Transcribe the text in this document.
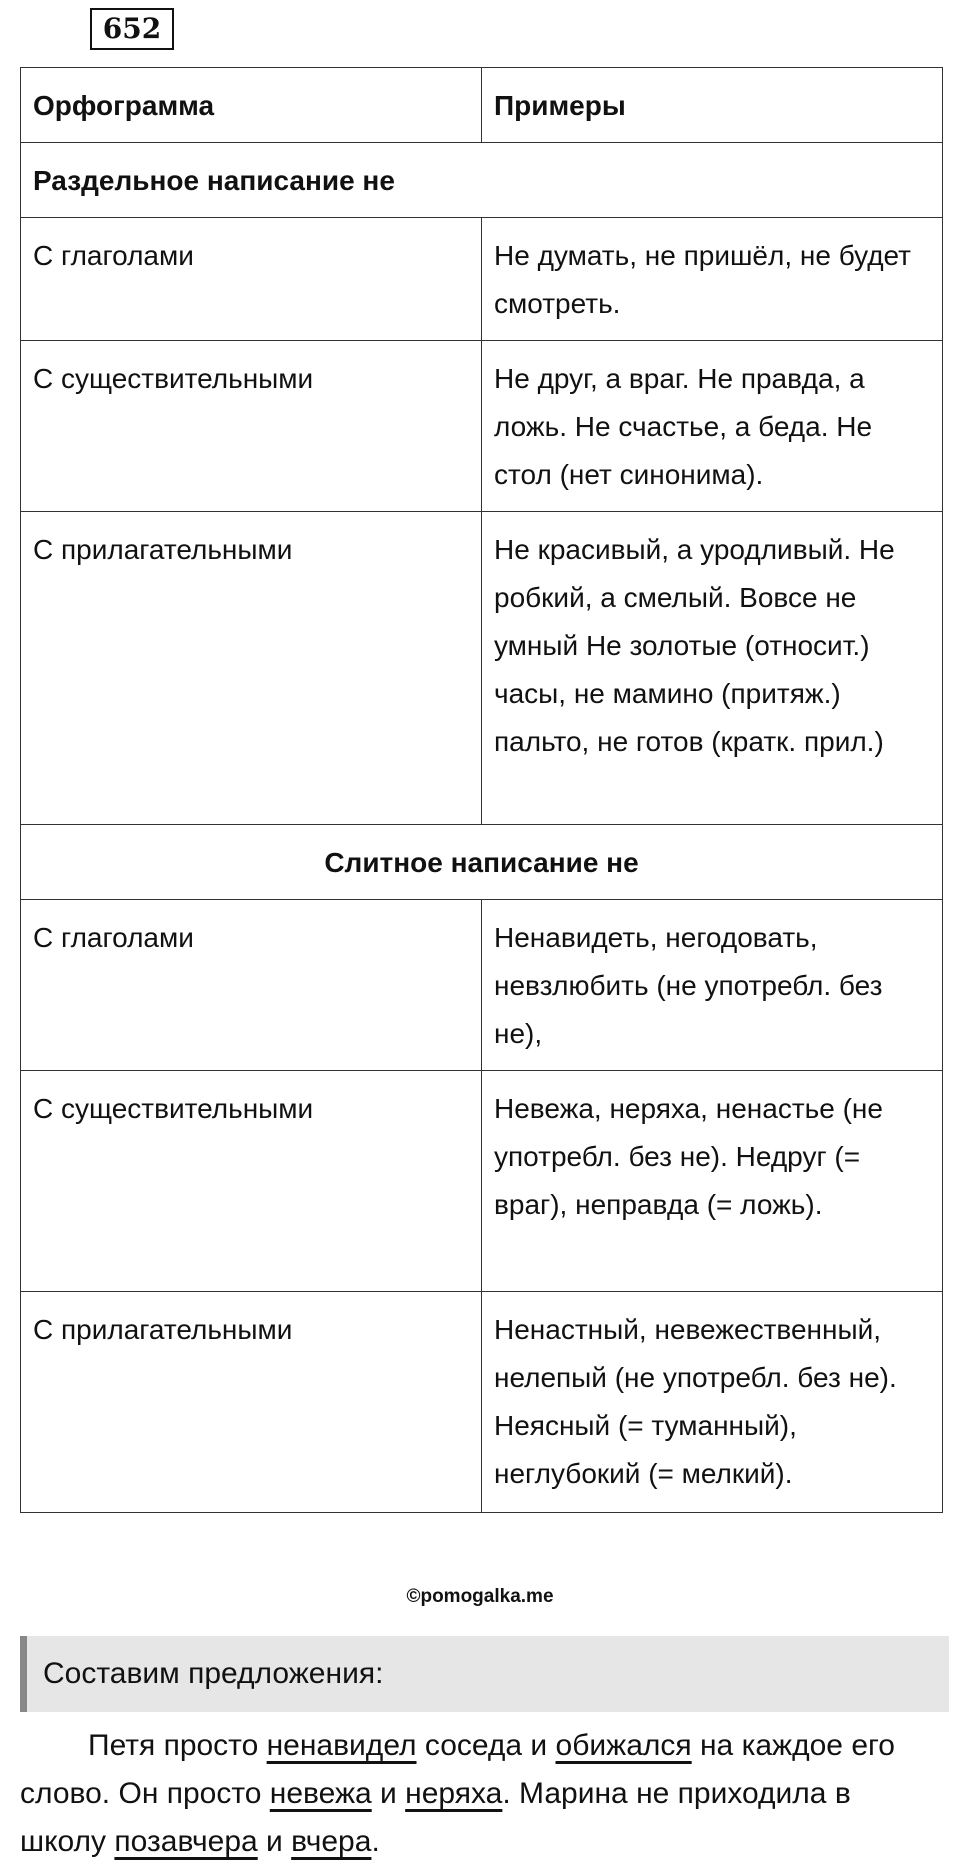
652
Орфограмма	Примеры
Раздельное написание не	
С глаголами	Не думать, не пришёл, не будет смотреть.
С существительными	Не друг, а враг. Не правда, а ложь. Не счастье, а беда. Не стол (нет синонима).
С прилагательными	Не красивый, а уродливый. Не робкий, а смелый. Вовсе не умный Не золотые (относит.) часы, не мамино (притяж.) пальто, не готов (кратк. прил.)
Слитное написание не	
С глаголами	Ненавидеть, негодовать, невзлюбить (не употребл. без не),
С существительными	Невежа, неряха, ненастье (не употребл. без не). Недруг (= враг), неправда (= ложь).
С прилагательными	Ненастный, невежественный, нелепый (не употребл. без не). Неясный (= туманный), неглубокий (= мелкий).
©pomogalka.me
Составим предложения:
Петя просто ненавидел соседа и обижался на каждое его слово. Он просто невежа и неряха. Марина не приходила в школу позавчера и вчера.
